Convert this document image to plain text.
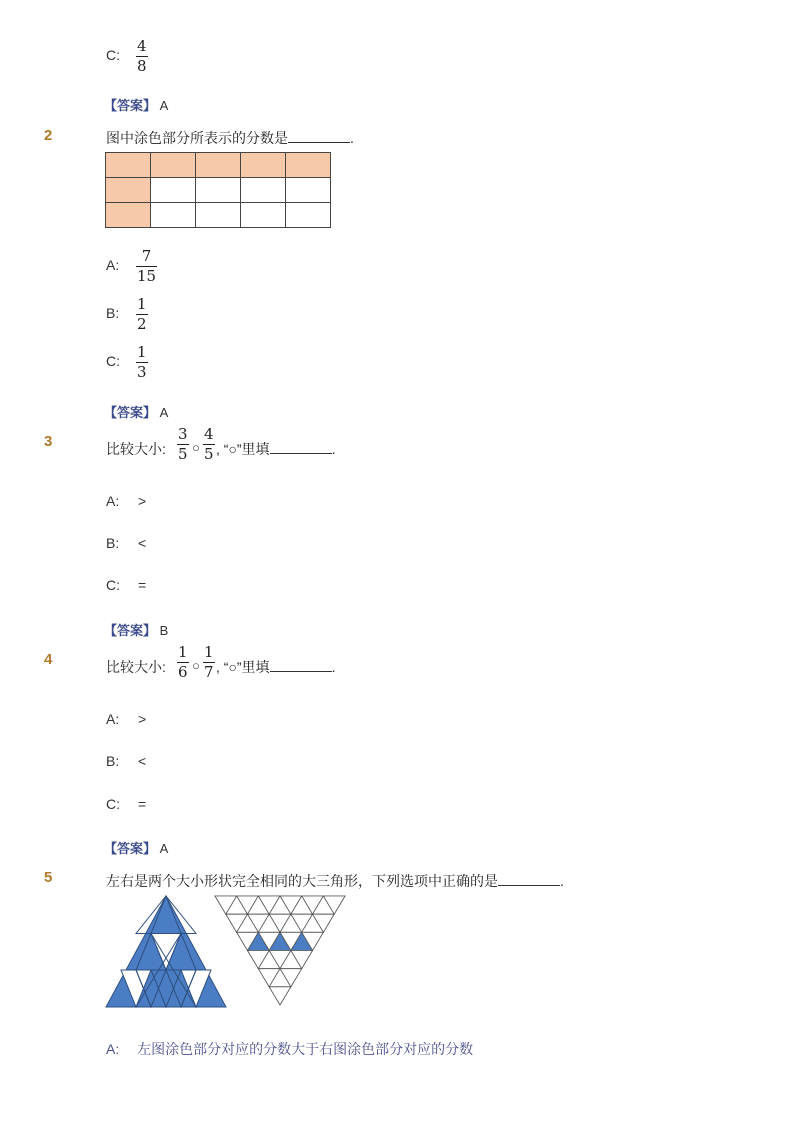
C: 4
8
【答案】 A
2	图中涂色部分所表示的分数是	.

A: 7
15
B: 1
2
C: 1
3
【答案】 A
3	比较大小:
3
5 ○
4
5 , “○”里填	.
A: >
B: <
C: =
【答案】 B
4	比较大小:
1
6 ○
1
7 , “○”里填	.
A: >
B: <
C: =
【答案】 A
5	左右是两个大小形状完全相同的大三角形，下列选项中正确的是	.
A: 左图涂色部分对应的分数大于右图涂色部分对应的分数
